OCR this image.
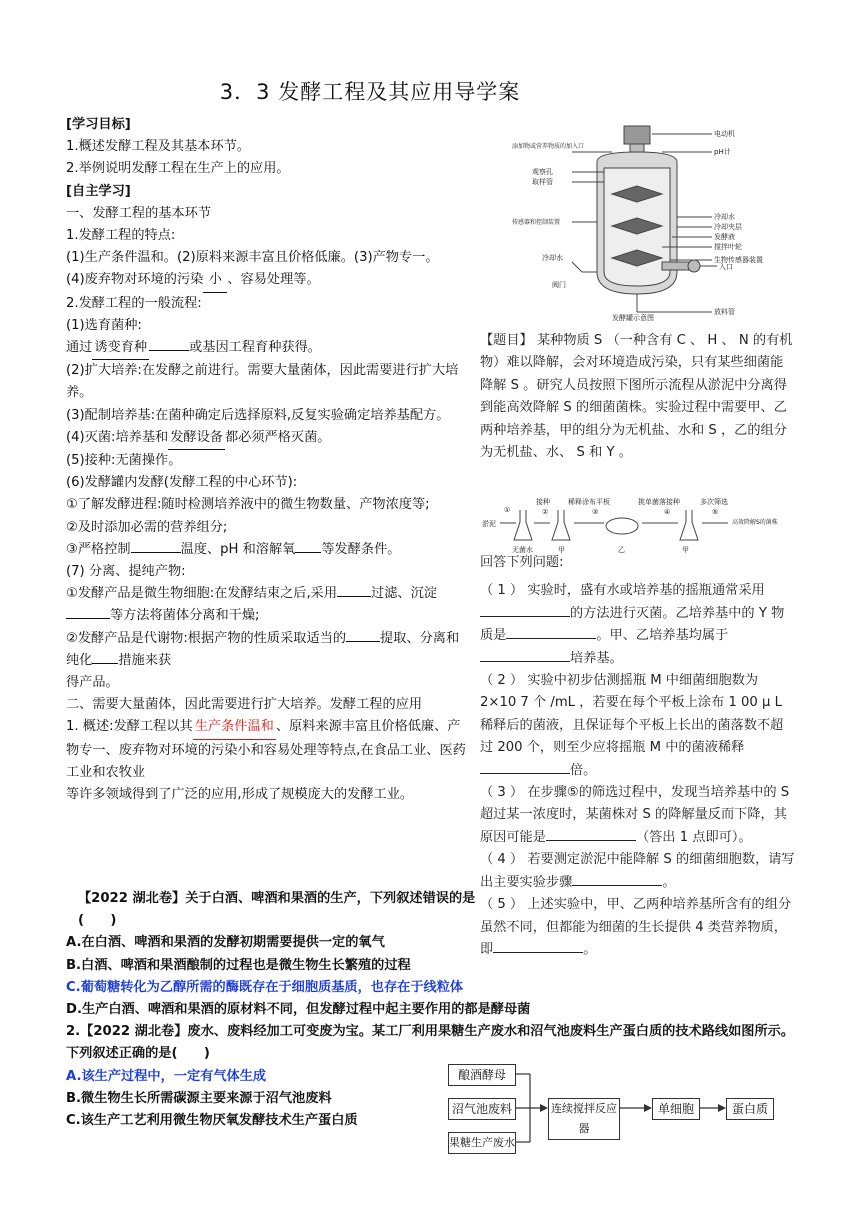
3．3 发酵工程及其应用导学案

[学习目标]

1.概述发酵工程及其基本环节。

2.举例说明发酵工程在生产上的应用。

[自主学习]

一、发酵工程的基本环节

1.发酵工程的特点:

(1)生产条件温和。(2)原料来源丰富且价格低廉。(3)产物专一。

(4)废弃物对环境的污染 小 、容易处理等。

2.发酵工程的一般流程:

(1)选育菌种:

通过 诱变育种	或基因工程育种获得。

(2)扩大培养:在发酵之前进行。需要大量菌体，因此需要进行扩大培养。

(3)配制培养基:在菌种确定后选择原料,反复实验确定培养基配方。

(4)灭菌:培养基和 发酵设备 都必须严格灭菌。

(5)接种:无菌操作。

(6)发酵罐内发酵(发酵工程的中心环节):

①了解发酵进程:随时检测培养液中的微生物数量、产物浓度等;

②及时添加必需的营养组分;

③严格控制	温度、pH 和溶解氧 等发酵条件。

(7) 分离、提纯产物:

①发酵产品是微生物细胞:在发酵结束之后,采用	过滤、沉淀等方法将菌体分离和干燥;

②发酵产品是代谢物:根据产物的性质采取适当的	提取、分离和纯化 措施来获

得产品。

二、需要大量菌体，因此需要进行扩大培养。发酵工程的应用

1. 概述:发酵工程以其 生产条件温和 、原料来源丰富且价格低廉、产物专一、废弃物对环境的污染小和容易处理等特点,在食品工业、医药工业和农牧业

等许多领域得到了广泛的应用,形成了规模庞大的发酵工业。

电动机
pH计
冷却水
冷却夹层
发酵液
搅拌叶轮
生物传感器装置
入口
放料管
添加物或营养物质的加入口
观察孔
取样管
传感器和控制装置
冷却水
阀门
发酵罐示意图

【题目】 某种物质 S （一种含有 C 、 H 、 N 的有机物）难以降解，会对环境造成污染，只有某些细菌能降解 S 。研究人员按照下图所示流程从淤泥中分离得到能高效降解 S 的细菌菌株。实验过程中需要甲、乙两种培养基，甲的组分为无机盐、水和 S ，乙的组分为无机盐、水、 S 和 Y 。

淤泥
接种	稀释涂布平板	挑单菌落接种	多次筛选
①	②	③	④	⑤
无菌水	甲	乙	甲
高效降解S的菌株

回答下列问题:

（ 1 ） 实验时，盛有水或培养基的摇瓶通常采用的方法进行灭菌。乙培养基中的 Y 物质是	。甲、乙培养基均属于培养基。

（ 2 ） 实验中初步估测摇瓶 M 中细菌细胞数为 2×10 7 个 /mL ，若要在每个平板上涂布 1 00 μ L 稀释后的菌液，且保证每个平板上长出的菌落数不超过 200 个，则至少应将摇瓶 M 中的菌液稀释倍。

（ 3 ） 在步骤⑤的筛选过程中，发现当培养基中的 S 超过某一浓度时，某菌株对 S 的降解量反而下降，其原因可能是	（答出 1 点即可）。

（ 4 ） 若要测定淤泥中能降解 S 的细菌细胞数，请写出主要实验步骤	。

（ 5 ） 上述实验中，甲、乙两种培养基所含有的组分虽然不同，但都能为细菌的生长提供 4 类营养物质，即	。

【2022 湖北卷】关于白酒、啤酒和果酒的生产，下列叙述错误的是(　　)

A.在白酒、啤酒和果酒的发酵初期需要提供一定的氧气

B.白酒、啤酒和果酒酿制的过程也是微生物生长繁殖的过程

C.葡萄糖转化为乙醇所需的酶既存在于细胞质基质，也存在于线粒体

D.生产白酒、啤酒和果酒的原材料不同，但发酵过程中起主要作用的都是酵母菌

2.【2022 湖北卷】废水、废料经加工可变废为宝。某工厂利用果糖生产废水和沼气池废料生产蛋白质的技术路线如图所示。下列叙述正确的是(　　)

A.该生产过程中，一定有气体生成

B.微生物生长所需碳源主要来源于沼气池废料

C.该生产工艺利用微生物厌氧发酵技术生产蛋白质

酿酒酵母
沼气池废料
果糖生产废水
连续搅拌反应器
单细胞	蛋白质
